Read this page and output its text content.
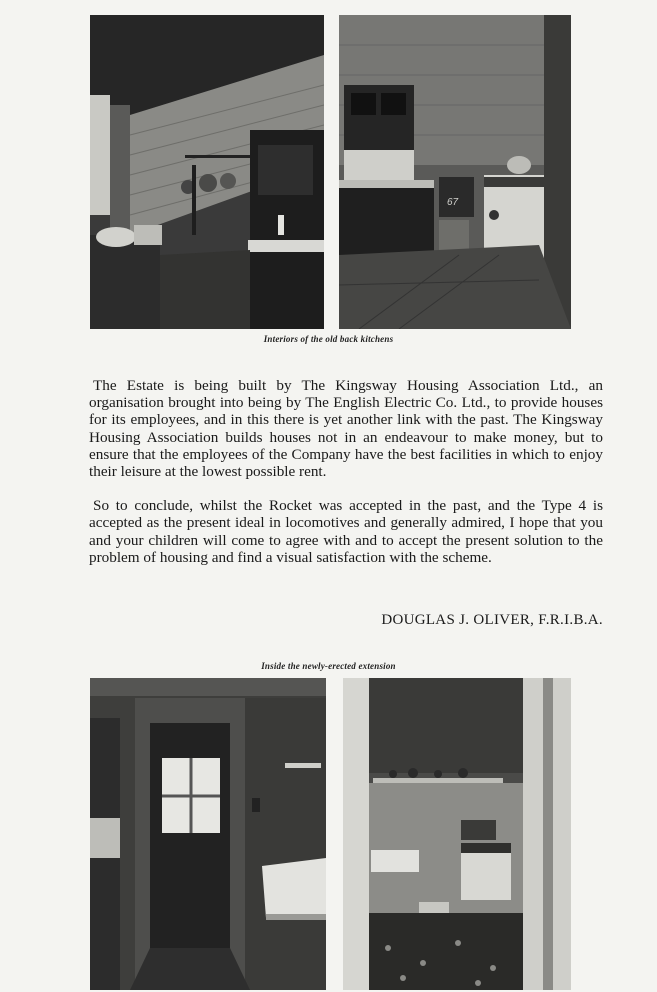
67
Interiors of the old back kitchens

The Estate is being built by The Kingsway Housing Association Ltd., an organisation brought into being by The English Electric Co. Ltd., to provide houses for its employees, and in this there is yet another link with the past. The Kingsway Housing Association builds houses not in an endeavour to make money, but to ensure that the employees of the Company have the best facilities in which to enjoy their leisure at the lowest possible rent.

So to conclude, whilst the Rocket was accepted in the past, and the Type 4 is accepted as the present ideal in locomotives and generally admired, I hope that you and your children will come to agree with and to accept the present solution to the problem of housing and find a visual satisfaction with the scheme.

DOUGLAS J. OLIVER, F.R.I.B.A.
Inside the newly-erected extension
